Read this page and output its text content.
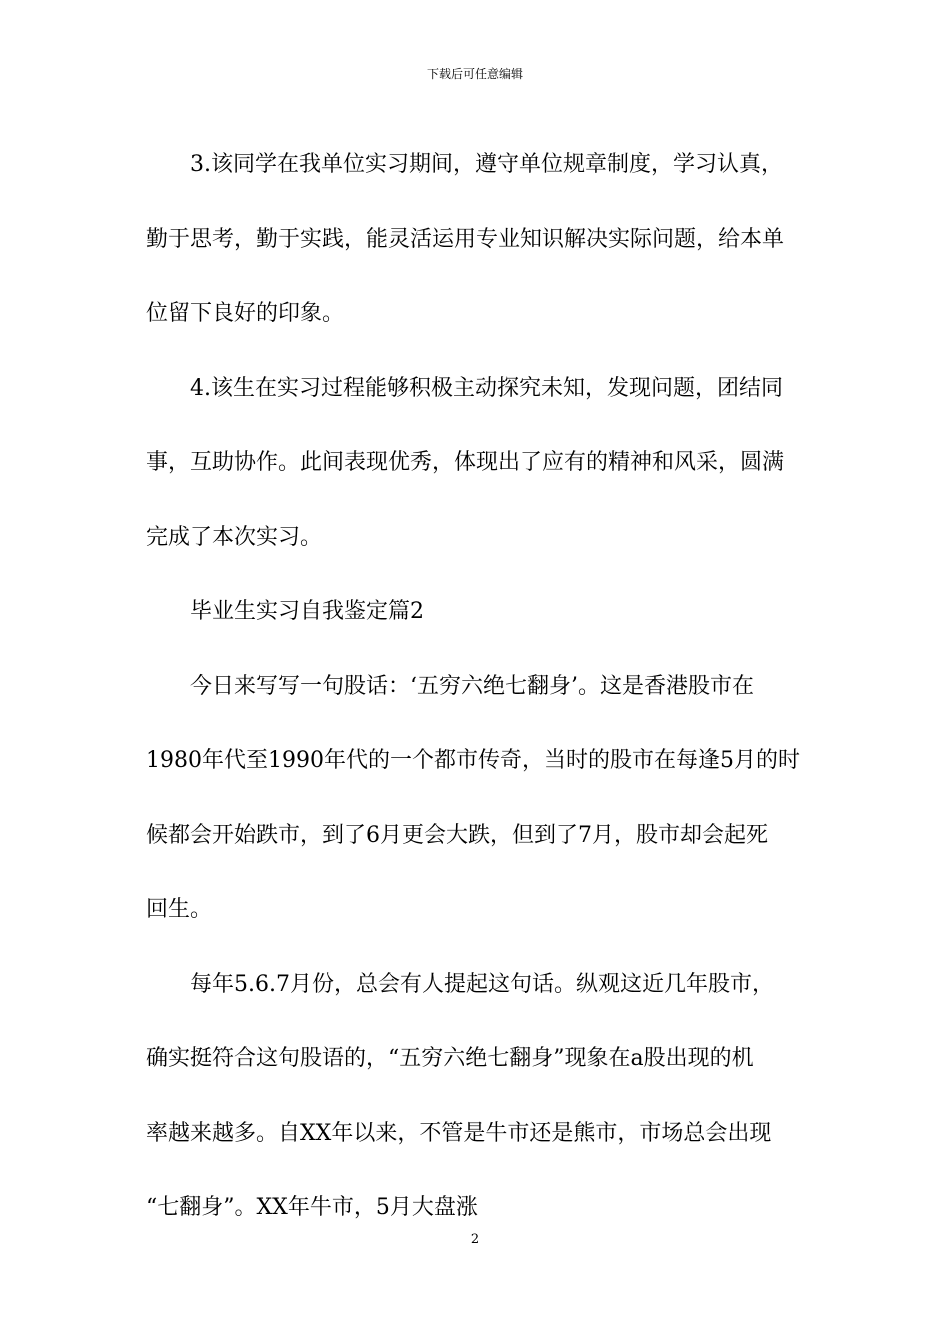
下载后可任意编辑
3.该同学在我单位实习期间，遵守单位规章制度，学习认真，
勤于思考，勤于实践，能灵活运用专业知识解决实际问题，给本单
位留下良好的印象。
4.该生在实习过程能够积极主动探究未知，发现问题，团结同
事，互助协作。此间表现优秀，体现出了应有的精神和风采，圆满
完成了本次实习。
毕业生实习自我鉴定篇2
今日来写写一句股话：‘五穷六绝七翻身’。这是香港股市在
1980年代至1990年代的一个都市传奇，当时的股市在每逢5月的时
候都会开始跌市，到了6月更会大跌，但到了7月，股市却会起死
回生。
每年5.6.7月份，总会有人提起这句话。纵观这近几年股市，
确实挺符合这句股语的，“五穷六绝七翻身”现象在a股出现的机
率越来越多。自XX年以来，不管是牛市还是熊市，市场总会出现
“七翻身”。XX年牛市，5月大盘涨
2
